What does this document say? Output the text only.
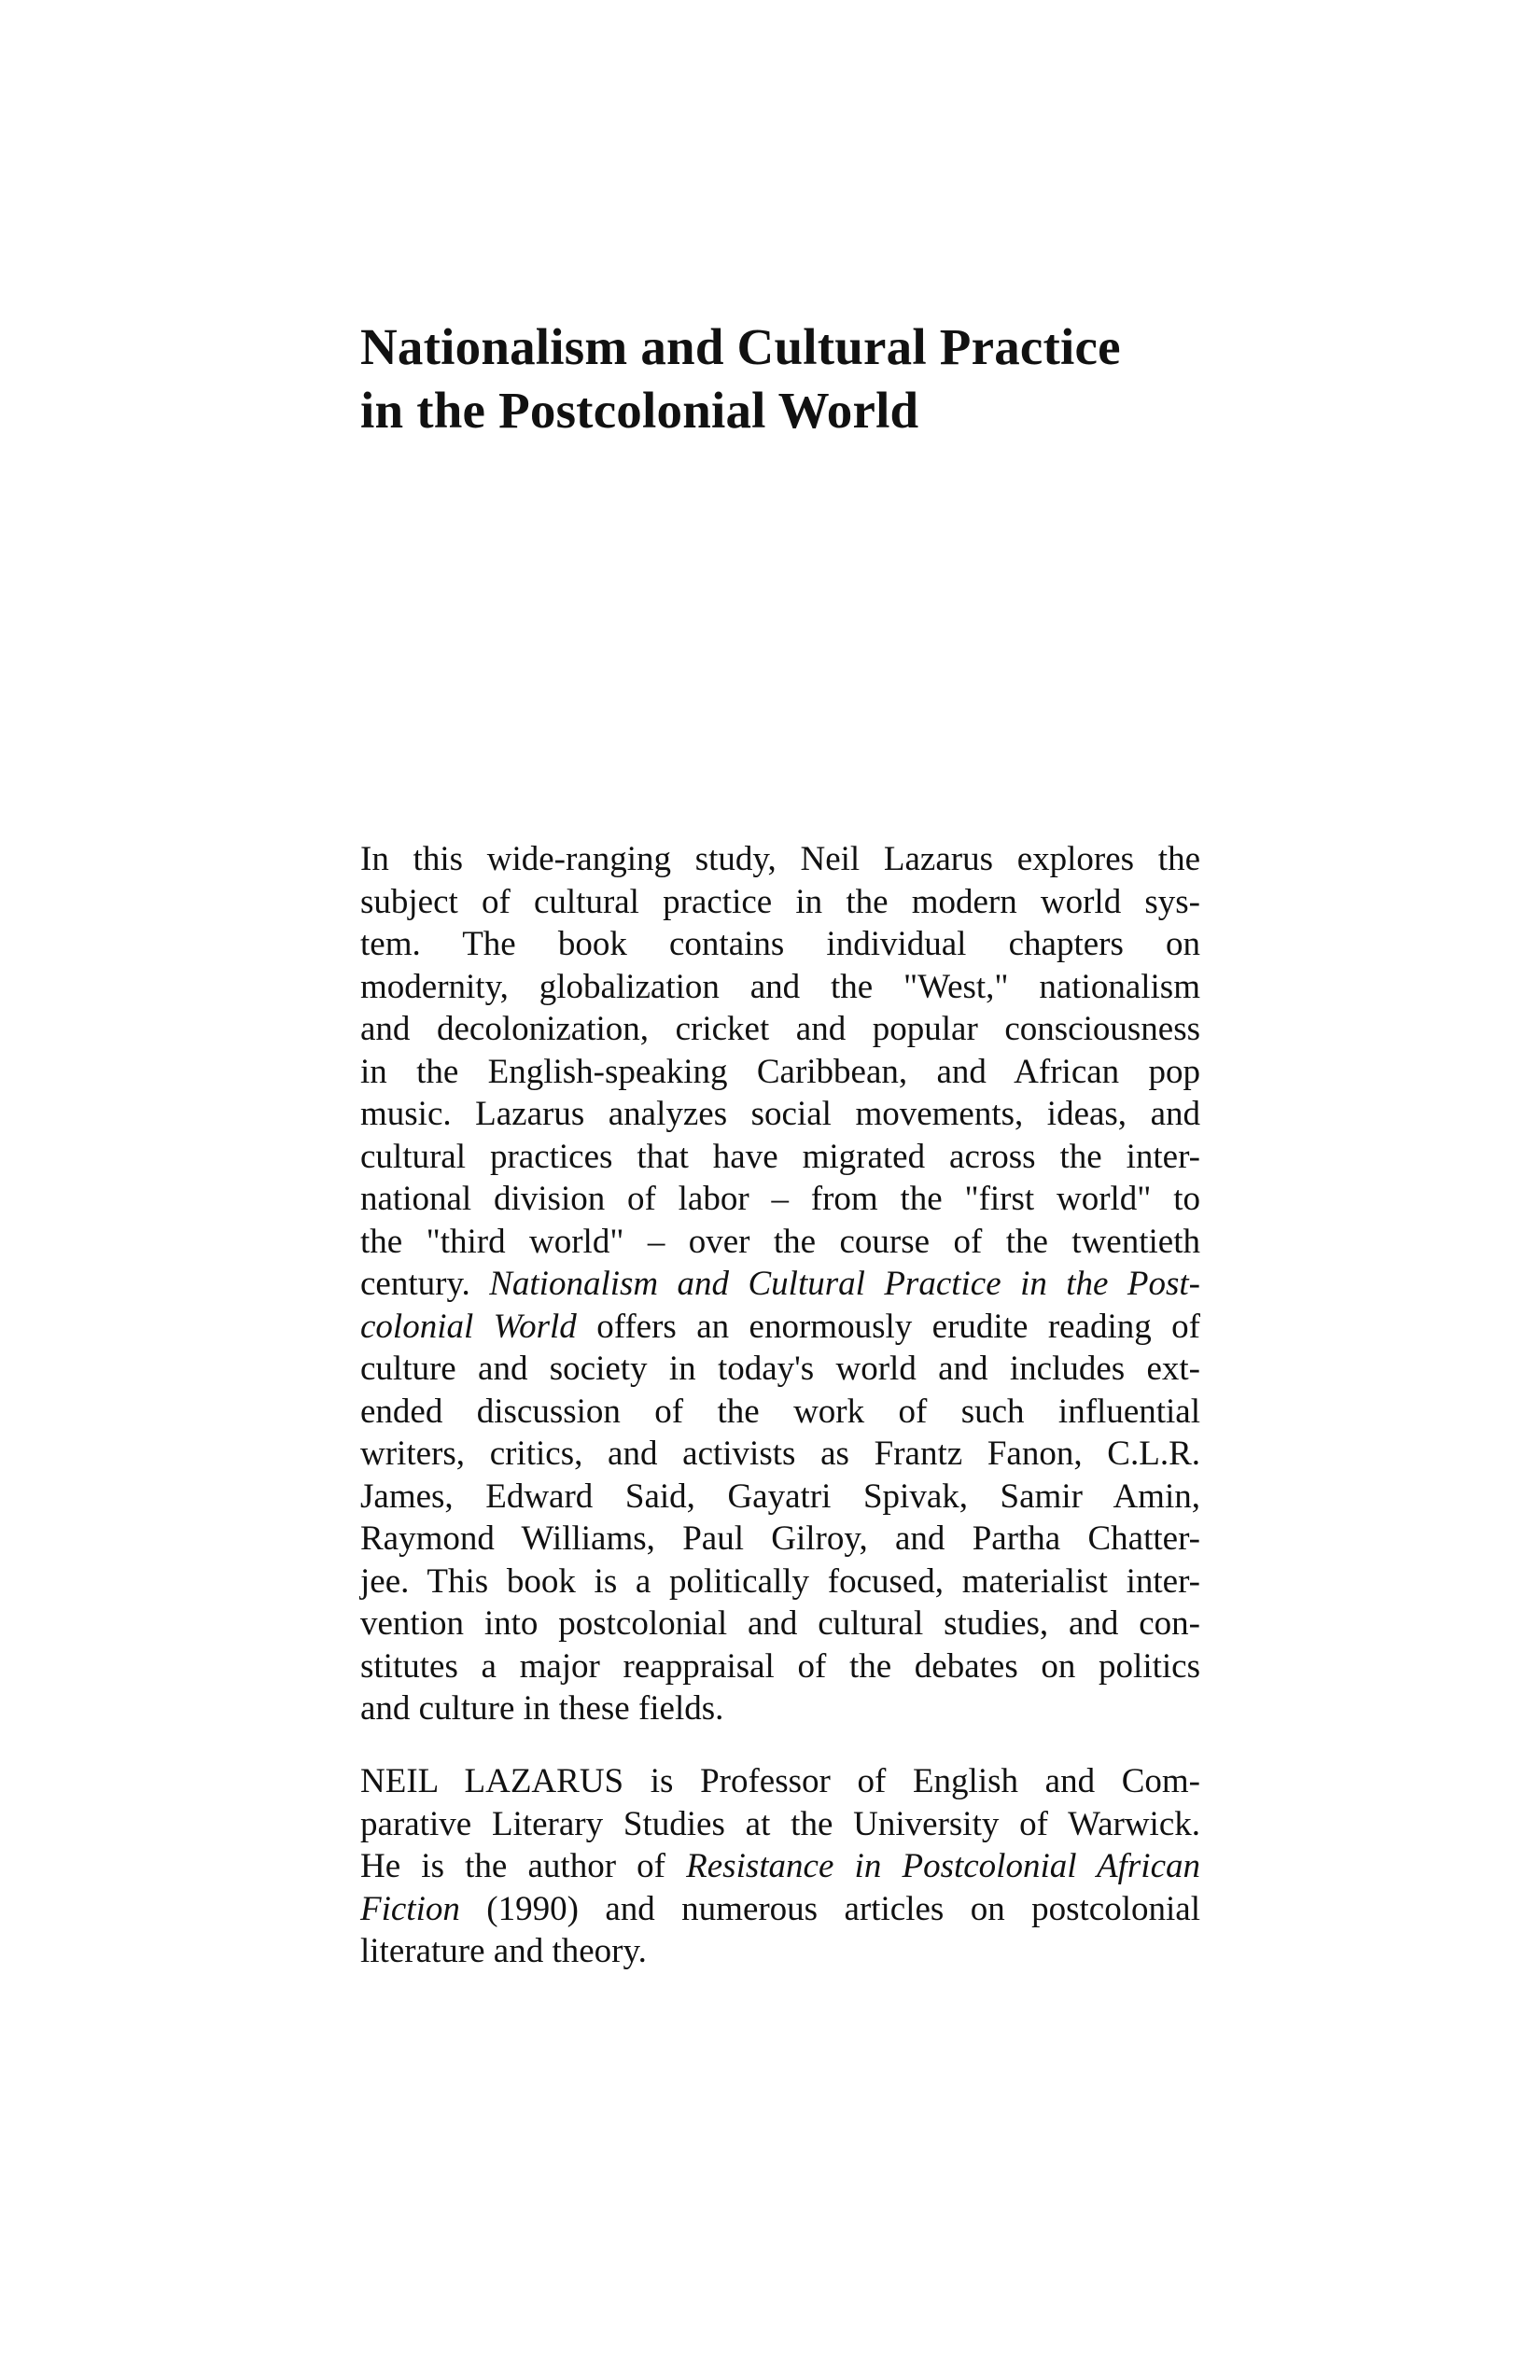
Nationalism and Cultural Practice
in the Postcolonial World
In this wide-ranging study, Neil Lazarus explores the
subject of cultural practice in the modern world sys-
tem. The book contains individual chapters on
modernity, globalization and the "West," nationalism
and decolonization, cricket and popular consciousness
in the English-speaking Caribbean, and African pop
music. Lazarus analyzes social movements, ideas, and
cultural practices that have migrated across the inter-
national division of labor – from the "first world" to
the "third world" – over the course of the twentieth
century. Nationalism and Cultural Practice in the Post-
colonial World offers an enormously erudite reading of
culture and society in today's world and includes ext-
ended discussion of the work of such influential
writers, critics, and activists as Frantz Fanon, C.L.R.
James, Edward Said, Gayatri Spivak, Samir Amin,
Raymond Williams, Paul Gilroy, and Partha Chatter-
jee. This book is a politically focused, materialist inter-
vention into postcolonial and cultural studies, and con-
stitutes a major reappraisal of the debates on politics
and culture in these fields.
NEIL LAZARUS is Professor of English and Com-
parative Literary Studies at the University of Warwick.
He is the author of Resistance in Postcolonial African
Fiction (1990) and numerous articles on postcolonial
literature and theory.
